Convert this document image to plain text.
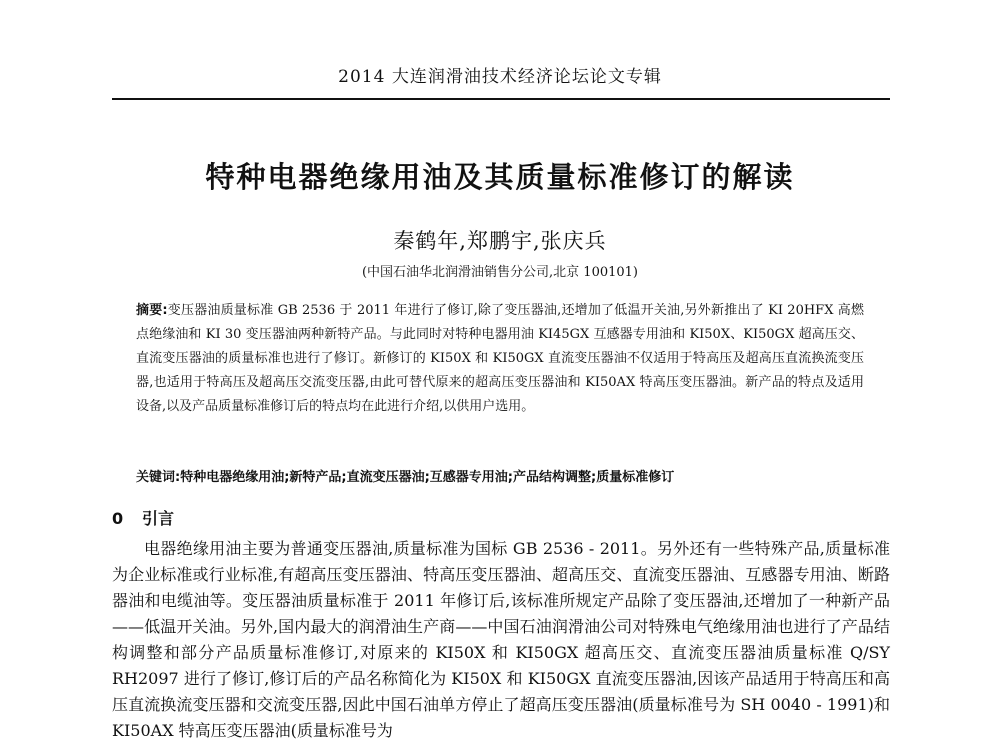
2014 大连润滑油技术经济论坛论文专辑
特种电器绝缘用油及其质量标准修订的解读
秦鹤年,郑鹏宇,张庆兵
(中国石油华北润滑油销售分公司,北京 100101)

摘要:变压器油质量标准 GB 2536 于 2011 年进行了修订,除了变压器油,还增加了低温开关油,另外新推出了 KI 20HFX 高燃点绝缘油和 KI 30 变压器油两种新特产品。与此同时对特种电器用油 KI45GX 互感器专用油和 KI50X、KI50GX 超高压交、直流变压器油的质量标准也进行了修订。新修订的 KI50X 和 KI50GX 直流变压器油不仅适用于特高压及超高压直流换流变压器,也适用于特高压及超高压交流变压器,由此可替代原来的超高压变压器油和 KI50AX 特高压变压器油。新产品的特点及适用设备,以及产品质量标准修订后的特点均在此进行介绍,以供用户选用。

关键词:特种电器绝缘用油;新特产品;直流变压器油;互感器专用油;产品结构调整;质量标准修订

0 引言

电器绝缘用油主要为普通变压器油,质量标准为国标 GB 2536 - 2011。另外还有一些特殊产品,质量标准为企业标准或行业标准,有超高压变压器油、特高压变压器油、超高压交、直流变压器油、互感器专用油、断路器油和电缆油等。变压器油质量标准于 2011 年修订后,该标准所规定产品除了变压器油,还增加了一种新产品——低温开关油。另外,国内最大的润滑油生产商——中国石油润滑油公司对特殊电气绝缘用油也进行了产品结构调整和部分产品质量标准修订,对原来的 KI50X 和 KI50GX 超高压交、直流变压器油质量标准 Q/SY RH2097 进行了修订,修订后的产品名称简化为 KI50X 和 KI50GX 直流变压器油,因该产品适用于特高压和高压直流换流变压器和交流变压器,因此中国石油单方停止了超高压变压器油(质量标准号为 SH 0040 - 1991)和 KI50AX 特高压变压器油(质量标准号为
